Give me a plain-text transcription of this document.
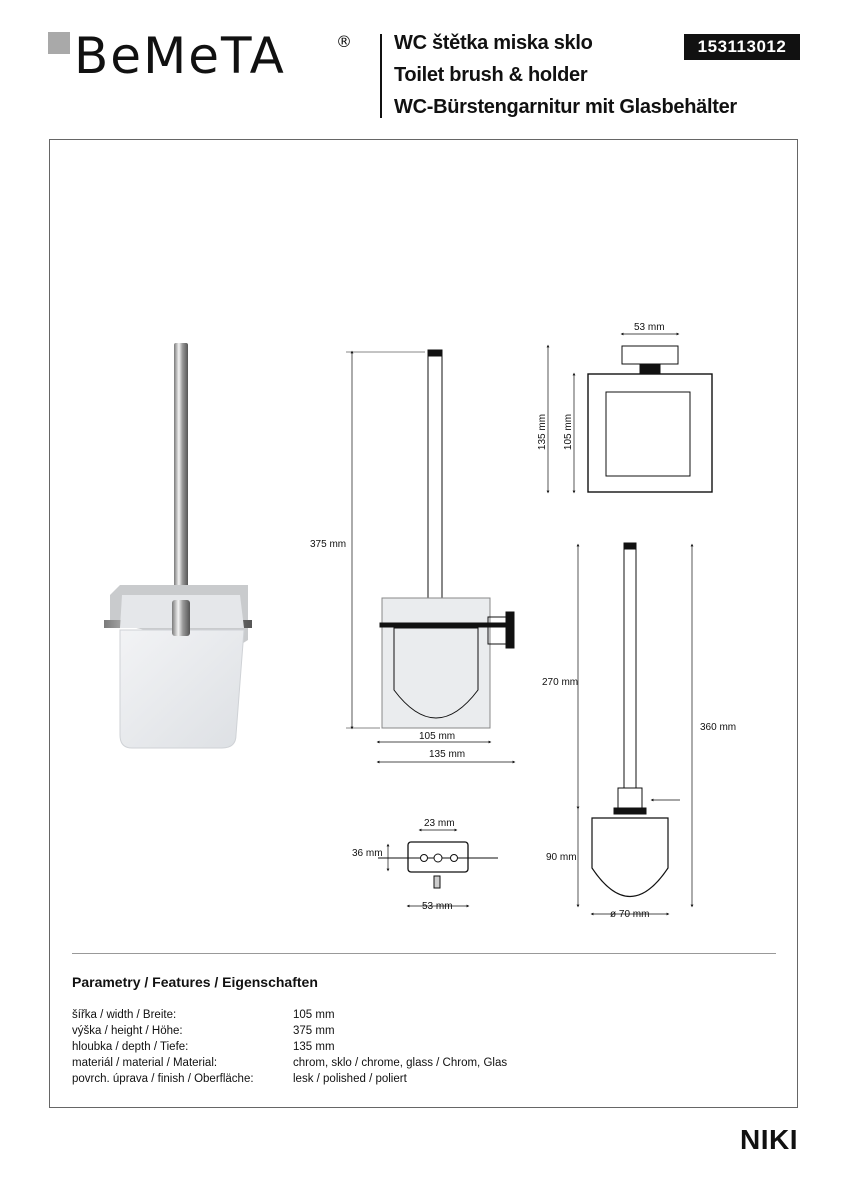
BeMeTA	® WC štětka miska sklo
Toilet brush & holder
WC-Bürstengarnitur mit Glasbehälter
153113012
375 mm
105 mm
135 mm
53 mm
135 mm 105 mm
270 mm
360 mm
90 mm
ø 70 mm
23 mm
36 mm
53 mm
Parametry / Features / Eigenschaften
šířka / width / Breite:	105 mm
výška / height / Höhe:	375 mm
hloubka / depth / Tiefe:	135 mm
materiál / material / Material:	chrom, sklo / chrome, glass / Chrom, Glas
povrch. úprava / finish / Oberfläche:	lesk / polished / poliert
NIKI
